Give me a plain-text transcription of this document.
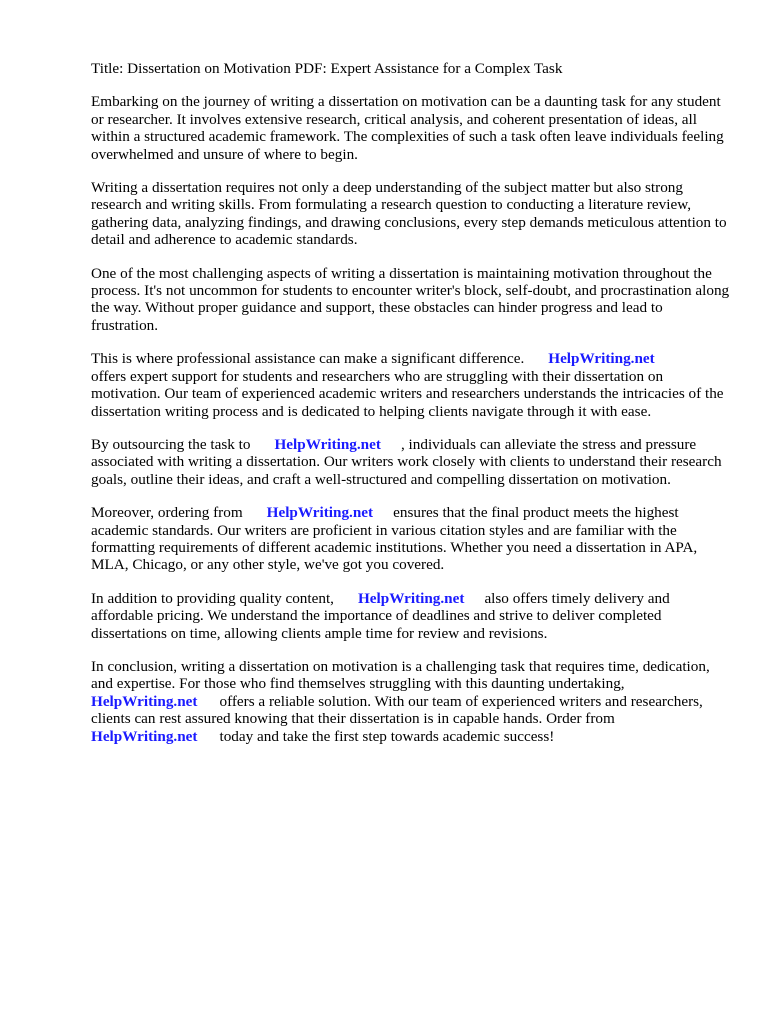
Title: Dissertation on Motivation PDF: Expert Assistance for a Complex Task

Embarking on the journey of writing a dissertation on motivation can be a daunting task for any student or researcher. It involves extensive research, critical analysis, and coherent presentation of ideas, all within a structured academic framework. The complexities of such a task often leave individuals feeling overwhelmed and unsure of where to begin.

Writing a dissertation requires not only a deep understanding of the subject matter but also strong research and writing skills. From formulating a research question to conducting a literature review, gathering data, analyzing findings, and drawing conclusions, every step demands meticulous attention to detail and adherence to academic standards.

One of the most challenging aspects of writing a dissertation is maintaining motivation throughout the process. It's not uncommon for students to encounter writer's block, self-doubt, and procrastination along the way. Without proper guidance and support, these obstacles can hinder progress and lead to frustration.

This is where professional assistance can make a significant difference. HelpWriting.net
offers expert support for students and researchers who are struggling with their dissertation on motivation. Our team of experienced academic writers and researchers understands the intricacies of the dissertation writing process and is dedicated to helping clients navigate through it with ease.

By outsourcing the task to HelpWriting.net , individuals can alleviate the stress and pressure associated with writing a dissertation. Our writers work closely with clients to understand their research goals, outline their ideas, and craft a well-structured and compelling dissertation on motivation.

Moreover, ordering from HelpWriting.net ensures that the final product meets the highest academic standards. Our writers are proficient in various citation styles and are familiar with the formatting requirements of different academic institutions. Whether you need a dissertation in APA, MLA, Chicago, or any other style, we've got you covered.

In addition to providing quality content, HelpWriting.net also offers timely delivery and affordable pricing. We understand the importance of deadlines and strive to deliver completed dissertations on time, allowing clients ample time for review and revisions.

In conclusion, writing a dissertation on motivation is a challenging task that requires time, dedication, and expertise. For those who find themselves struggling with this daunting undertaking,
HelpWriting.net offers a reliable solution. With our team of experienced writers and researchers, clients can rest assured knowing that their dissertation is in capable hands. Order from
HelpWriting.net today and take the first step towards academic success!
